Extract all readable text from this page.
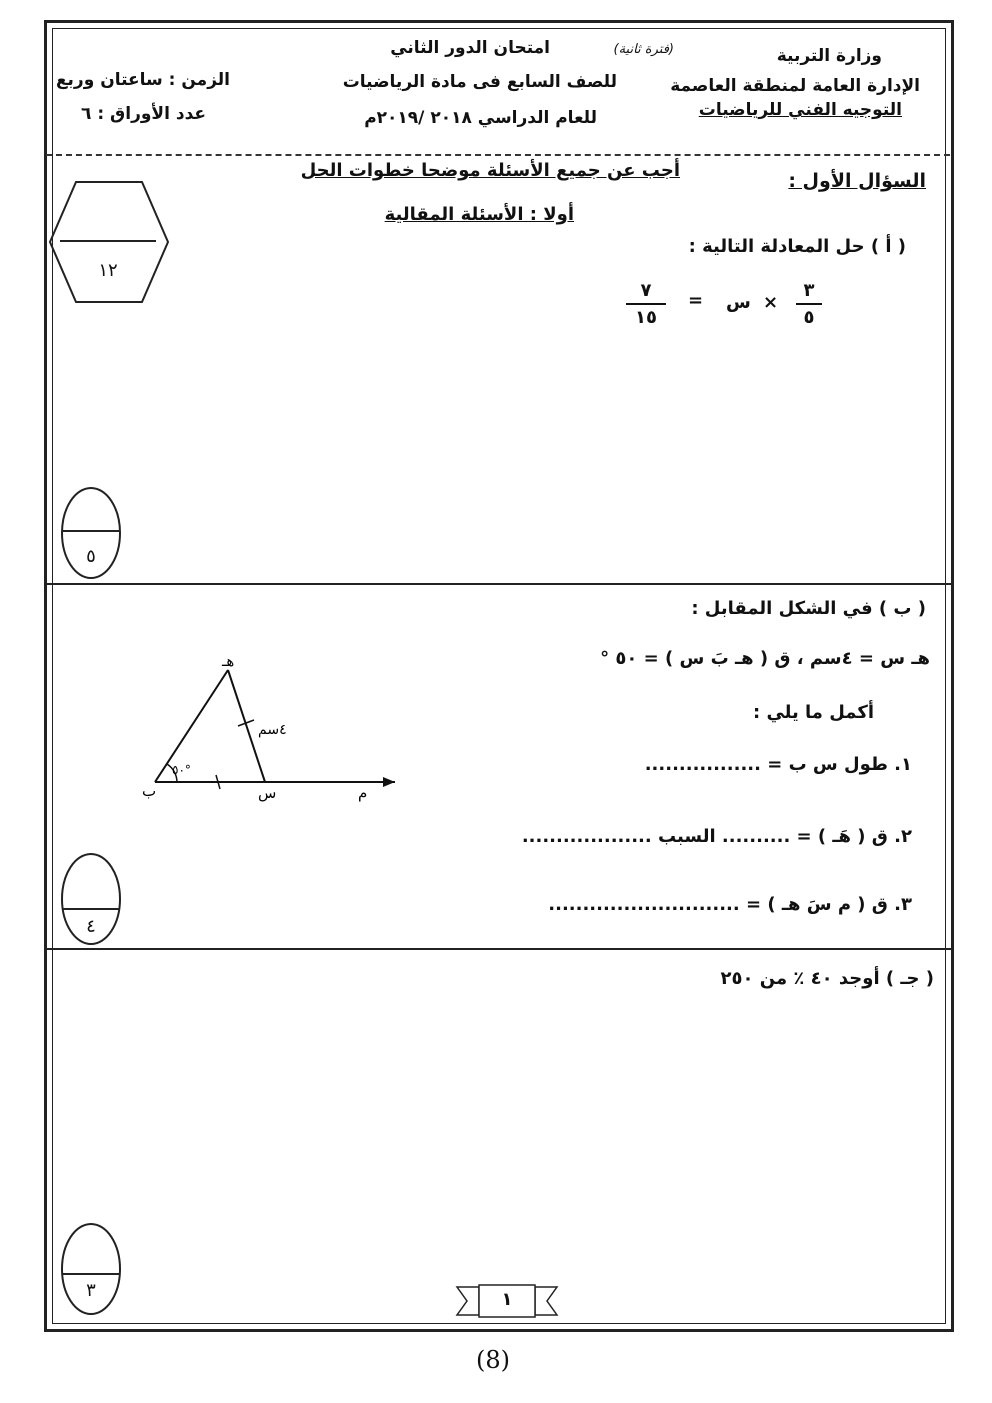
وزارة التربية
الإدارة العامة لمنطقة العاصمة
التوجيه الفني للرياضيات
امتحان الدور الثاني	(فترة ثانية)
للصف السابع فى مادة الرياضيات
للعام الدراسي ٢٠١٨ /٢٠١٩م
الزمن : ساعتان وربع
عدد الأوراق : ٦
السؤال الأول :
أجب عن جميع الأسئلة موضحا خطوات الحل
أولا : الأسئلة المقالية
١٢
( أ ) حل المعادلة التالية :
٣
٥
×
س
=
٧
١٥
٥
( ب ) في الشكل المقابل :
هـ س = ٤سم ، ق ( هـ بَ س ) = ٥٠ °
أكمل ما يلي :
١. طول س ب = .................
٢. ق ( هَـ ) = .......... السبب ...................
٣. ق ( م سَ هـ ) = ............................
هـ
ب	س	م
٤سم
٥٠°
٤
( جـ ) أوجد ٤٠ ٪ من ٢٥٠
٣	١
(8)
